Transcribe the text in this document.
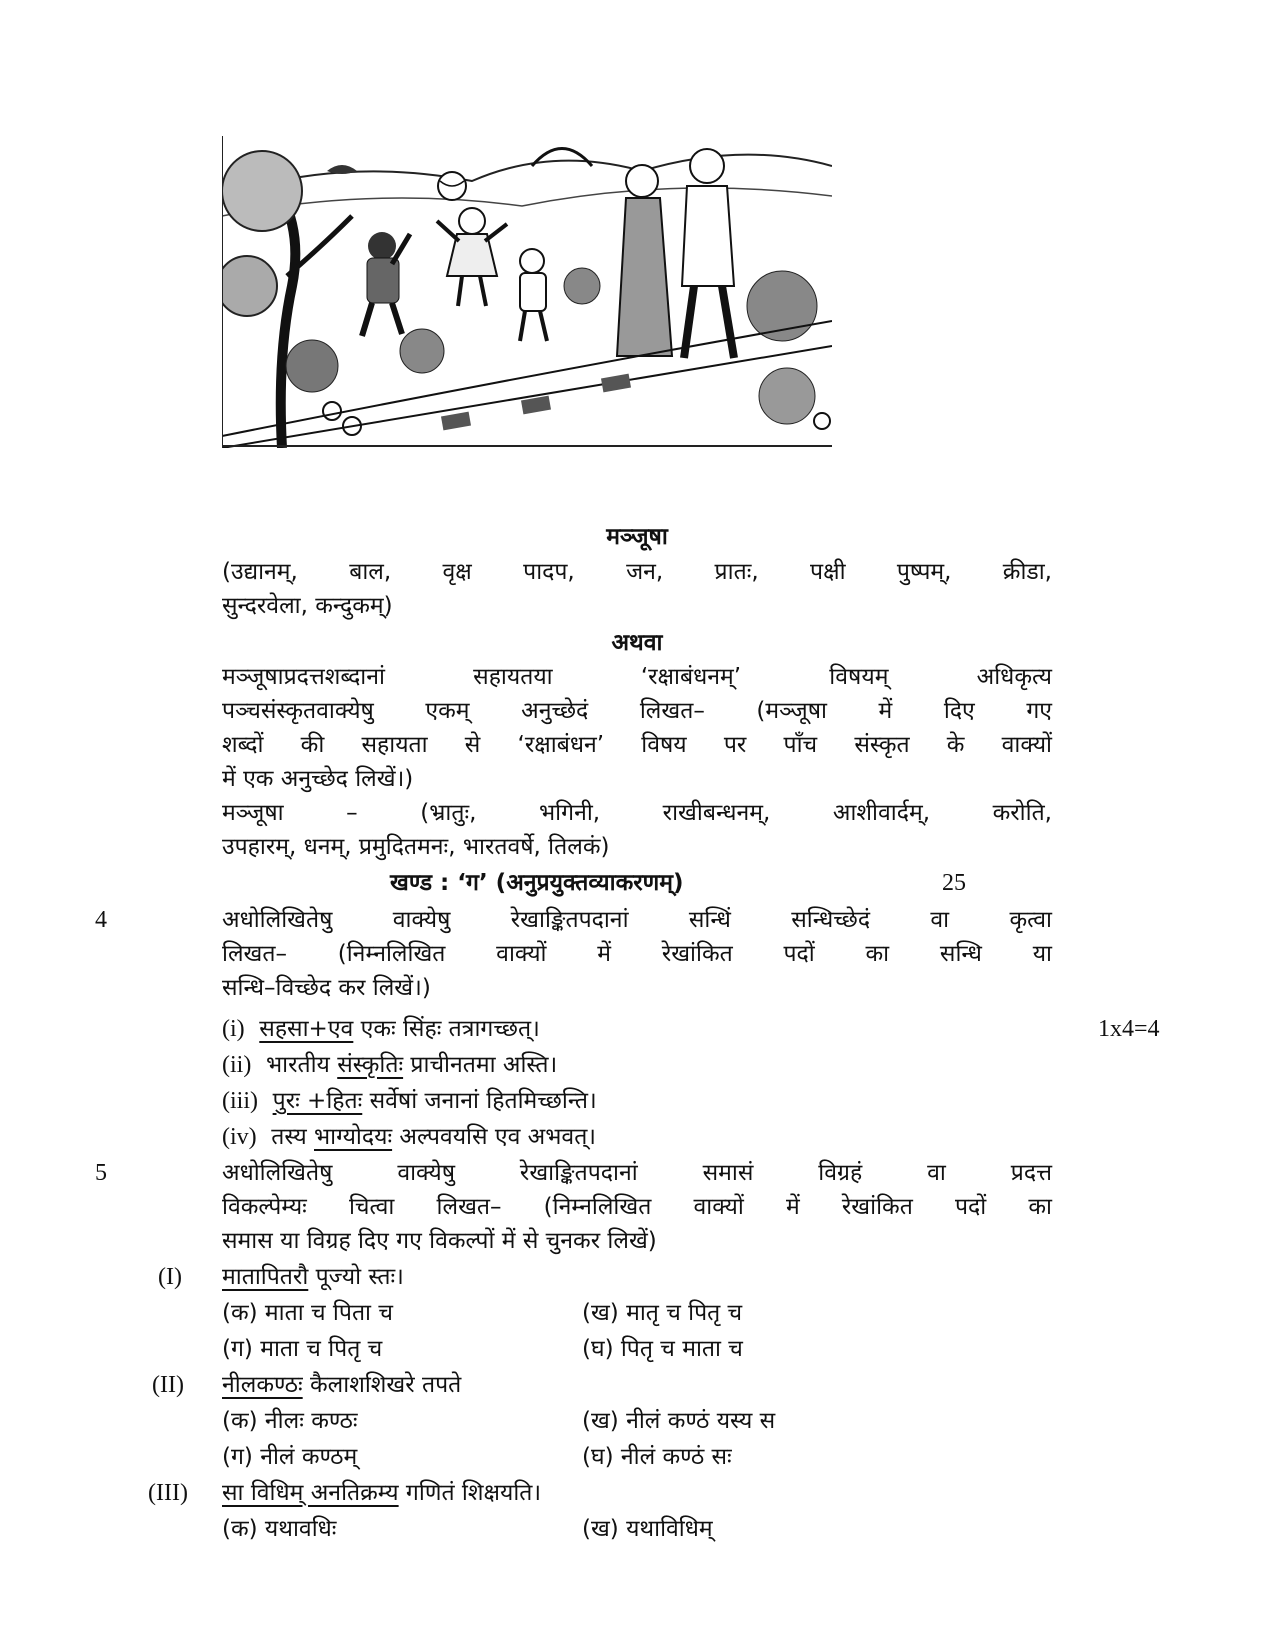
मञ्जूषा
(उद्यानम्, बाल, वृक्ष पादप, जन, प्रातः, पक्षी पुष्पम्, क्रीडा,
सुन्दरवेला, कन्दुकम्)
अथवा
मञ्जूषाप्रदत्तशब्दानां सहायतया ‘रक्षाबंधनम्’ विषयम् अधिकृत्य
पञ्चसंस्कृतवाक्येषु एकम् अनुच्छेदं लिखत– (मञ्जूषा में दिए गए
शब्दों की सहायता से ‘रक्षाबंधन’ विषय पर पाँच संस्कृत के वाक्यों
में एक अनुच्छेद लिखें।)
मञ्जूषा – (भ्रातुः, भगिनी, राखीबन्धनम्, आशीवार्दम्, करोति,
उपहारम्, धनम्, प्रमुदितमनः, भारतवर्षे, तिलकं)
खण्ड : ‘ग’ (अनुप्रयुक्तव्याकरणम्)	25
4	अधोलिखितेषु वाक्येषु रेखाङ्कितपदानां सन्धिं सन्धिच्छेदं वा कृत्वा
लिखत– (निम्नलिखित वाक्यों में रेखांकित पदों का सन्धि या
सन्धि–विच्छेद कर लिखें।)
1x4=4
(i) सहसा+एव एकः सिंहः तत्रागच्छत्।
(ii) भारतीय संस्कृतिः प्राचीनतमा अस्ति।
(iii) पुरः +हितः सर्वेषां जनानां हितमिच्छन्ति।
(iv) तस्य भाग्योदयः अल्पवयसि एव अभवत्।
5	अधोलिखितेषु वाक्येषु रेखाङ्कितपदानां समासं विग्रहं वा प्रदत्त
विकल्पेम्यः चित्वा लिखत– (निम्नलिखित वाक्यों में रेखांकित पदों का
समास या विग्रह दिए गए विकल्पों में से चुनकर लिखें)
(I) मातापितरौ पूज्यो स्तः।
(क) माता च पिता च	(ख) मातृ च पितृ च
(ग) माता च पितृ च	(घ) पितृ च माता च
(II) नीलकण्ठः कैलाशशिखरे तपते
(क) नीलः कण्ठः	(ख) नीलं कण्ठं यस्य स
(ग) नीलं कण्ठम्	(घ) नीलं कण्ठं सः
(III) सा विधिम् अनतिक्रम्य गणितं शिक्षयति।
(क) यथावधिः	(ख) यथाविधिम्
